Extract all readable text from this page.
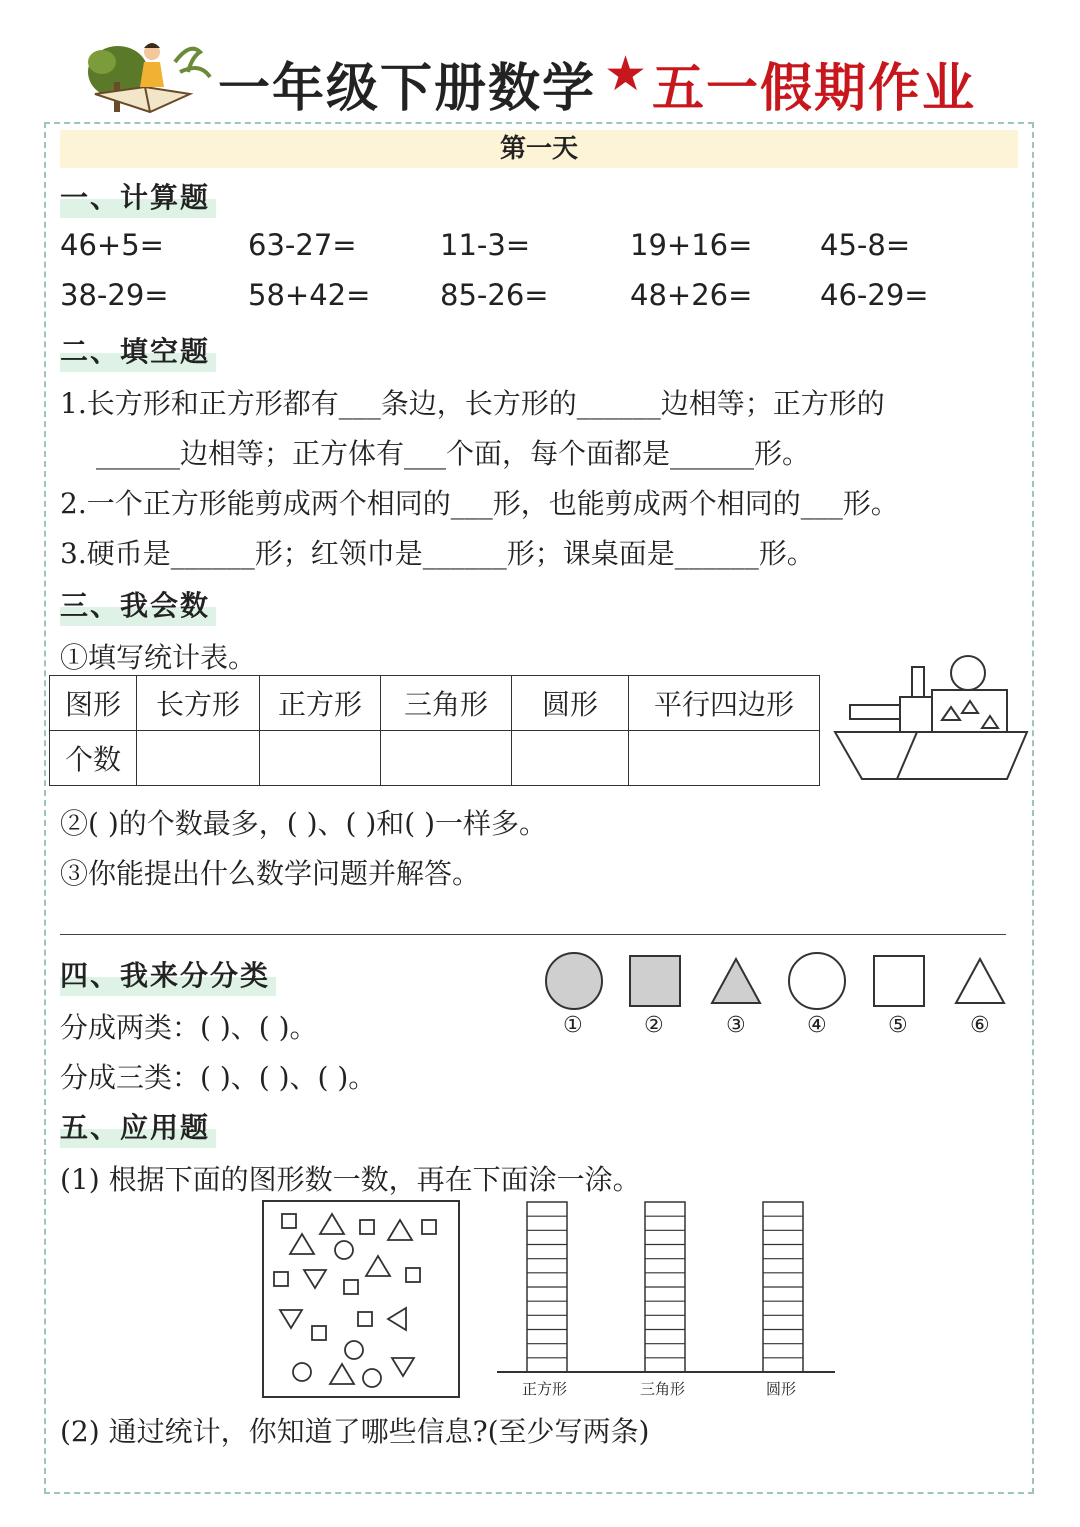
一年级下册数学 ★ 五一假期作业
第一天
一、计算题
46+5=	63-27=	11-3=	19+16= 45-8=
38-29=	58+42= 85-26=	48+26= 46-29=
二、填空题
1.长方形和正方形都有___条边，长方形的______边相等；正方形的
______边相等；正方体有___个面，每个面都是______形。
2.一个正方形能剪成两个相同的___形，也能剪成两个相同的___形。
3.硬币是______形；红领巾是______形；课桌面是______形。
三、我会数
①填写统计表。
图形	长方形	正方形	三角形	圆形	平行四边形
个数					
②( )的个数最多，( )、( )和( )一样多。
③你能提出什么数学问题并解答。
四、我来分分类
分成两类：( )、( )。
分成三类：( )、( )、( )。
①	②	③	④	⑤	⑥
五、应用题
(1) 根据下面的图形数一数，再在下面涂一涂。
正方形	三角形	圆形
(2) 通过统计，你知道了哪些信息?(至少写两条)
